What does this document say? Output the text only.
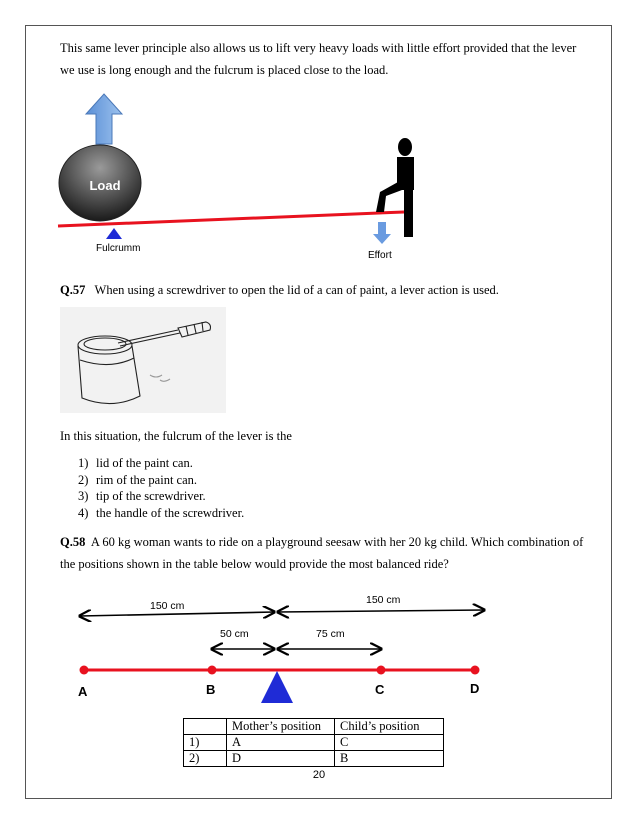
This same lever principle also allows us to lift very heavy loads with little effort provided that the lever we use is long enough and the fulcrum is placed close to the load.
Load
Fulcrumm
Effort
Q.57 When using a screwdriver to open the lid of a can of paint, a lever action is used.
In this situation, the fulcrum of the lever is the
1) lid of the paint can.
2) rim of the paint can.
3) tip of the screwdriver.
4) the handle of the screwdriver.
Q.58 A 60 kg woman wants to ride on a playground seesaw with her 20 kg child. Which combination of the positions shown in the table below would provide the most balanced ride?
150 cm	150 cm
50 cm	75 cm
A	B	C	D
	Mother’s position	Child’s position
1)	A	C
2)	D	B
20
